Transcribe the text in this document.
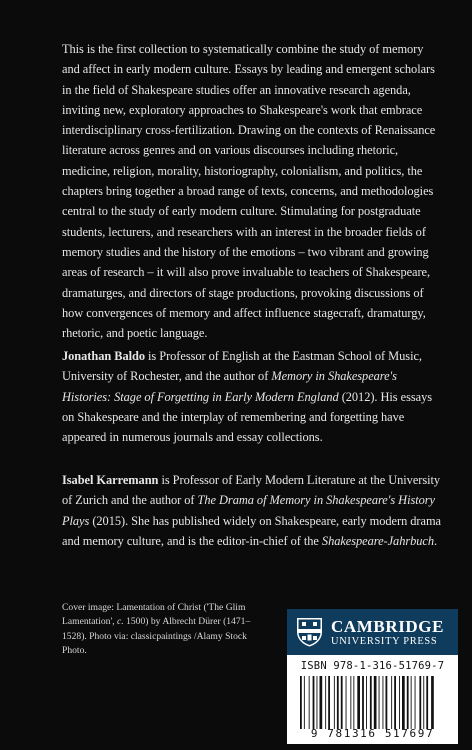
This is the first collection to systematically combine the study of memory and affect in early modern culture. Essays by leading and emergent scholars in the field of Shakespeare studies offer an innovative research agenda, inviting new, exploratory approaches to Shakespeare's work that embrace interdisciplinary cross-fertilization. Drawing on the contexts of Renaissance literature across genres and on various discourses including rhetoric, medicine, religion, morality, historiography, colonialism, and politics, the chapters bring together a broad range of texts, concerns, and methodologies central to the study of early modern culture. Stimulating for postgraduate students, lecturers, and researchers with an interest in the broader fields of memory studies and the history of the emotions – two vibrant and growing areas of research – it will also prove invaluable to teachers of Shakespeare, dramaturges, and directors of stage productions, provoking discussions of how convergences of memory and affect influence stagecraft, dramaturgy, rhetoric, and poetic language.
Jonathan Baldo is Professor of English at the Eastman School of Music, University of Rochester, and the author of Memory in Shakespeare's Histories: Stage of Forgetting in Early Modern England (2012). His essays on Shakespeare and the interplay of remembering and forgetting have appeared in numerous journals and essay collections.
Isabel Karremann is Professor of Early Modern Literature at the University of Zurich and the author of The Drama of Memory in Shakespeare's History Plays (2015). She has published widely on Shakespeare, early modern drama and memory culture, and is the editor-in-chief of the Shakespeare-Jahrbuch.
Cover image: Lamentation of Christ ('The Glim Lamentation', c. 1500) by Albrecht Dürer (1471–1528). Photo via: classicpaintings /Alamy Stock Photo.
CAMBRIDGE
UNIVERSITY PRESS
ISBN 978-1-316-51769-7
9 781316 517697
